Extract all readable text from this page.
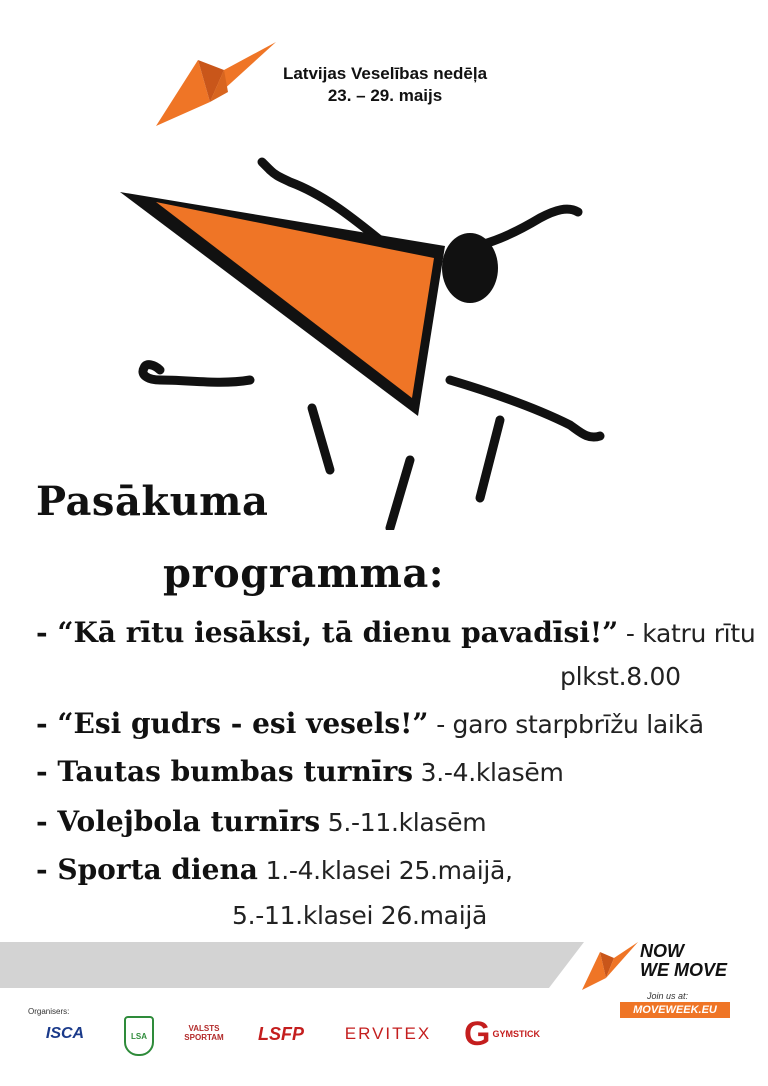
Latvijas Veselības nedēļa
23. – 29. maijs
Pasākuma
programma:
- “Kā rītu iesāksi, tā dienu pavadīsi!” - katru rītu
plkst.8.00
- “Esi gudrs - esi vesels!” - garo starpbrīžu laikā
- Tautas bumbas turnīrs 3.-4.klasēm
- Volejbola turnīrs 5.-11.klasēm
- Sporta diena 1.-4.klasei 25.maijā,
5.-11.klasei 26.maijā
NOW
WE MOVE
Join us at:
MOVEWEEK.EU
Organisers:
ISCA	LSA
VALSTS SPORTAM	LSFP	ERVITEX G GYMSTICK
